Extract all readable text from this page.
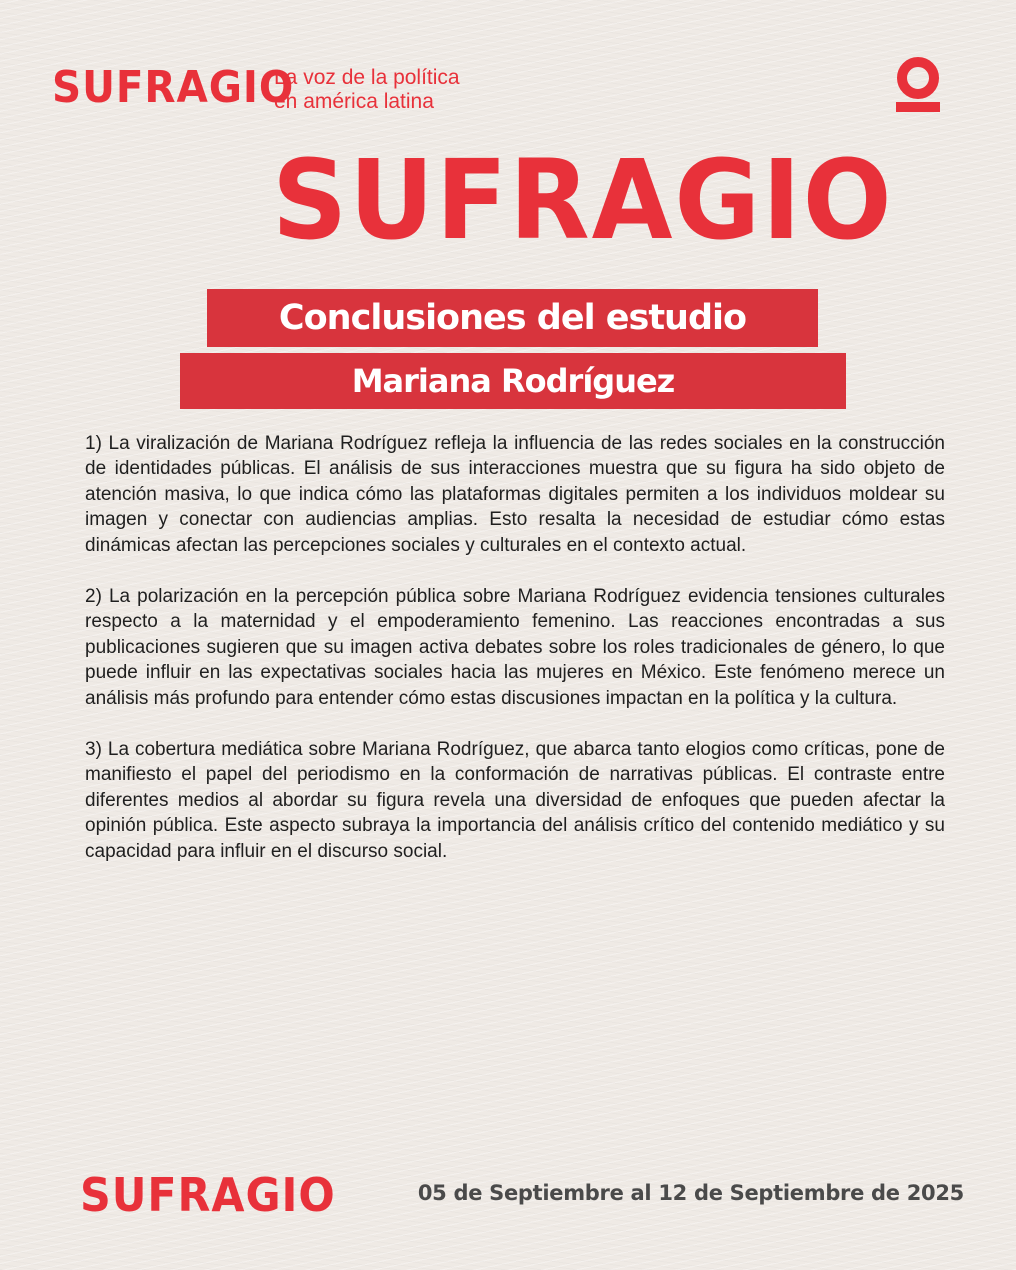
SUFRAGIO
La voz de la política
en américa latina
SUFRAGIO
Conclusiones del estudio
Mariana Rodríguez

1) La viralización de Mariana Rodríguez refleja la influencia de las redes sociales en la construcción de identidades públicas. El análisis de sus interacciones muestra que su figura ha sido objeto de atención masiva, lo que indica cómo las plataformas digitales permiten a los individuos moldear su imagen y conectar con audiencias amplias. Esto resalta la necesidad de estudiar cómo estas dinámicas afectan las percepciones sociales y culturales en el contexto actual.

2) La polarización en la percepción pública sobre Mariana Rodríguez evidencia tensiones culturales respecto a la maternidad y el empoderamiento femenino. Las reacciones encontradas a sus publicaciones sugieren que su imagen activa debates sobre los roles tradicionales de género, lo que puede influir en las expectativas sociales hacia las mujeres en México. Este fenómeno merece un análisis más profundo para entender cómo estas discusiones impactan en la política y la cultura.

3) La cobertura mediática sobre Mariana Rodríguez, que abarca tanto elogios como críticas, pone de manifiesto el papel del periodismo en la conformación de narrativas públicas. El contraste entre diferentes medios al abordar su figura revela una diversidad de enfoques que pueden afectar la opinión pública. Este aspecto subraya la importancia del análisis crítico del contenido mediático y su capacidad para influir en el discurso social.

SUFRAGIO	05 de Septiembre al 12 de Septiembre de 2025
